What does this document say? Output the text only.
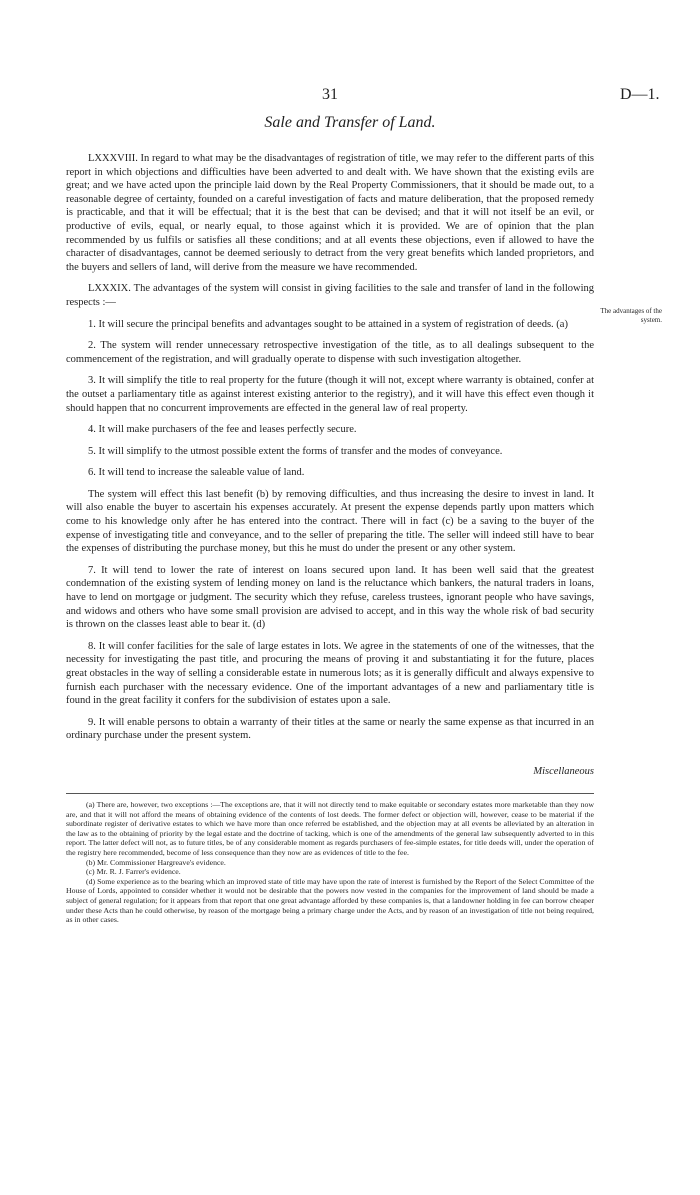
31	D—1.
Sale and Transfer of Land.

LXXXVIII. In regard to what may be the disadvantages of registration of title, we may refer to the different parts of this report in which objections and difficulties have been adverted to and dealt with. We have shown that the existing evils are great; and we have acted upon the principle laid down by the Real Property Commissioners, that it should be made out, to a reasonable degree of certainty, founded on a careful investigation of facts and mature deliberation, that the proposed remedy is practicable, and that it will be effectual; that it is the best that can be devised; and that it will not itself be an evil, or productive of evils, equal, or nearly equal, to those against which it is provided. We are of opinion that the plan recommended by us fulfils or satisfies all these conditions; and at all events these objections, even if allowed to have the character of disadvantages, cannot be deemed seriously to detract from the very great benefits which landed proprietors, and the buyers and sellers of land, will derive from the measure we have recommended.

LXXXIX. The advantages of the system will consist in giving facilities to the sale and transfer of land in the following respects :—

1. It will secure the principal benefits and advantages sought to be attained in a system of registration of deeds. (a)

2. The system will render unnecessary retrospective investigation of the title, as to all dealings subsequent to the commencement of the registration, and will gradually operate to dispense with such investigation altogether.

3. It will simplify the title to real property for the future (though it will not, except where warranty is obtained, confer at the outset a parliamentary title as against interest existing anterior to the registry), and it will have this effect even though it should happen that no concurrent improvements are effected in the general law of real property.

4. It will make purchasers of the fee and leases perfectly secure.

5. It will simplify to the utmost possible extent the forms of transfer and the modes of conveyance.

6. It will tend to increase the saleable value of land.

The system will effect this last benefit (b) by removing difficulties, and thus increasing the desire to invest in land. It will also enable the buyer to ascertain his expenses accurately. At present the expense depends partly upon matters which come to his knowledge only after he has entered into the contract. There will in fact (c) be a saving to the buyer of the expense of investigating title and conveyance, and to the seller of preparing the title. The seller will indeed still have to bear the expenses of distributing the purchase money, but this he must do under the present or any other system.

7. It will tend to lower the rate of interest on loans secured upon land. It has been well said that the greatest condemnation of the existing system of lending money on land is the reluctance which bankers, the natural traders in loans, have to lend on mortgage or judgment. The security which they refuse, careless trustees, ignorant people who have savings, and widows and others who have some small provision are advised to accept, and in this way the whole risk of bad security is thrown on the classes least able to bear it. (d)

8. It will confer facilities for the sale of large estates in lots. We agree in the statements of one of the witnesses, that the necessity for investigating the past title, and procuring the means of proving it and substantiating it for the future, places great obstacles in the way of selling a considerable estate in numerous lots; as it is generally difficult and always expensive to furnish each purchaser with the necessary evidence. One of the important advantages of a new and parliamentary title is found in the great facility it confers for the subdivision of estates upon a sale.

9. It will enable persons to obtain a warranty of their titles at the same or nearly the same expense as that incurred in an ordinary purchase under the present system.

The advantages of the system.
Miscellaneous

(a) There are, however, two exceptions :—The exceptions are, that it will not directly tend to make equitable or secondary estates more marketable than they now are, and that it will not afford the means of obtaining evidence of the contents of lost deeds. The former defect or objection will, however, cease to be material if the subordinate register of derivative estates to which we have more than once referred be established, and the objection may at all events be alleviated by an alteration in the law as to the obtaining of priority by the legal estate and the doctrine of tacking, which is one of the amendments of the general law subsequently adverted to in this report. The latter defect will not, as to future titles, be of any considerable moment as regards purchasers of fee-simple estates, for title deeds will, under the operation of the registry here recommended, become of less consequence than they now are as evidences of title to the fee.

(b) Mr. Commissioner Hargreave's evidence.

(c) Mr. R. J. Farrer's evidence.

(d) Some experience as to the bearing which an improved state of title may have upon the rate of interest is furnished by the Report of the Select Committee of the House of Lords, appointed to consider whether it would not be desirable that the powers now vested in the companies for the improvement of land should be made a subject of general regulation; for it appears from that report that one great advantage afforded by these companies is, that a landowner holding in fee can borrow cheaper under these Acts than he could otherwise, by reason of the mortgage being a primary charge under the Acts, and by reason of an investigation of title not being required, as in other cases.
